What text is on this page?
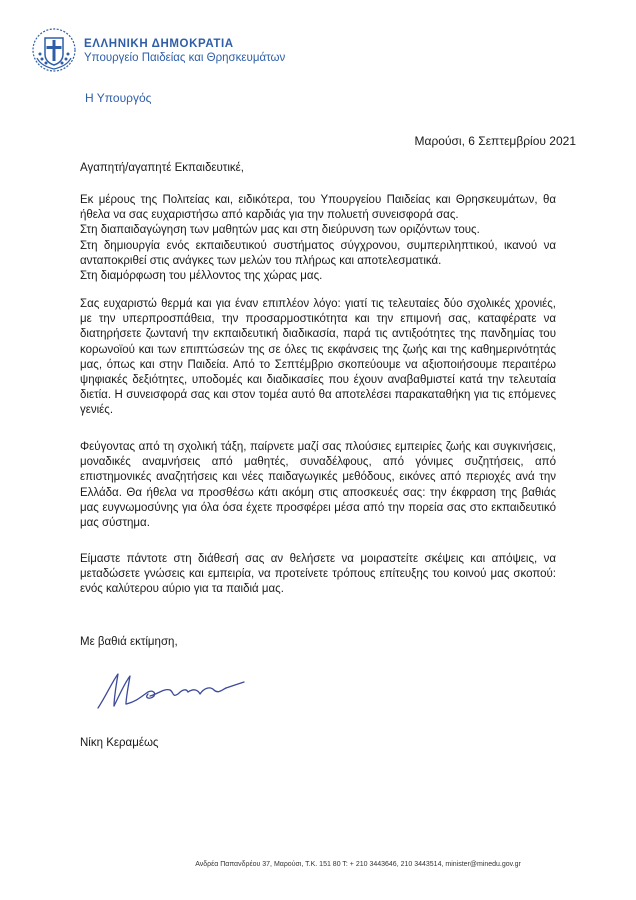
ΕΛΛΗΝΙΚΗ ΔΗΜΟΚΡΑΤΙΑ
Υπουργείο Παιδείας και Θρησκευμάτων
Η Υπουργός
Μαρούσι, 6 Σεπτεμβρίου 2021
Αγαπητή/αγαπητέ Εκπαιδευτικέ,

Εκ μέρους της Πολιτείας και, ειδικότερα, του Υπουργείου Παιδείας και Θρησκευμάτων, θα ήθελα να σας ευχαριστήσω από καρδιάς για την πολυετή συνεισφορά σας.

Στη διαπαιδαγώγηση των μαθητών μας και στη διεύρυνση των οριζόντων τους.

Στη δημιουργία ενός εκπαιδευτικού συστήματος σύγχρονου, συμπεριληπτικού, ικανού να ανταποκριθεί στις ανάγκες των μελών του πλήρως και αποτελεσματικά.

Στη διαμόρφωση του μέλλοντος της χώρας μας.

Σας ευχαριστώ θερμά και για έναν επιπλέον λόγο: γιατί τις τελευταίες δύο σχολικές χρονιές, με την υπερπροσπάθεια, την προσαρμοστικότητα και την επιμονή σας, καταφέρατε να διατηρήσετε ζωντανή την εκπαιδευτική διαδικασία, παρά τις αντιξοότητες της πανδημίας του κορωνοϊού και των επιπτώσεών της σε όλες τις εκφάνσεις της ζωής και της καθημερινότητάς μας, όπως και στην Παιδεία. Από το Σεπτέμβριο σκοπεύουμε να αξιοποιήσουμε περαιτέρω ψηφιακές δεξιότητες, υποδομές και διαδικασίες που έχουν αναβαθμιστεί κατά την τελευταία διετία. Η συνεισφορά σας και στον τομέα αυτό θα αποτελέσει παρακαταθήκη για τις επόμενες γενιές.

Φεύγοντας από τη σχολική τάξη, παίρνετε μαζί σας πλούσιες εμπειρίες ζωής και συγκινήσεις, μοναδικές αναμνήσεις από μαθητές, συναδέλφους, από γόνιμες συζητήσεις, από επιστημονικές αναζητήσεις και νέες παιδαγωγικές μεθόδους, εικόνες από περιοχές ανά την Ελλάδα. Θα ήθελα να προσθέσω κάτι ακόμη στις αποσκευές σας: την έκφραση της βαθιάς μας ευγνωμοσύνης για όλα όσα έχετε προσφέρει μέσα από την πορεία σας στο εκπαιδευτικό μας σύστημα.

Είμαστε πάντοτε στη διάθεσή σας αν θελήσετε να μοιραστείτε σκέψεις και απόψεις, να μεταδώσετε γνώσεις και εμπειρία, να προτείνετε τρόπους επίτευξης του κοινού μας σκοπού: ενός καλύτερου αύριο για τα παιδιά μας.

Με βαθιά εκτίμηση,
Νίκη Κεραμέως
Ανδρέα Παπανδρέου 37, Μαρούσι, Τ.Κ. 151 80 Τ: + 210 3443646, 210 3443514, minister@minedu.gov.gr
